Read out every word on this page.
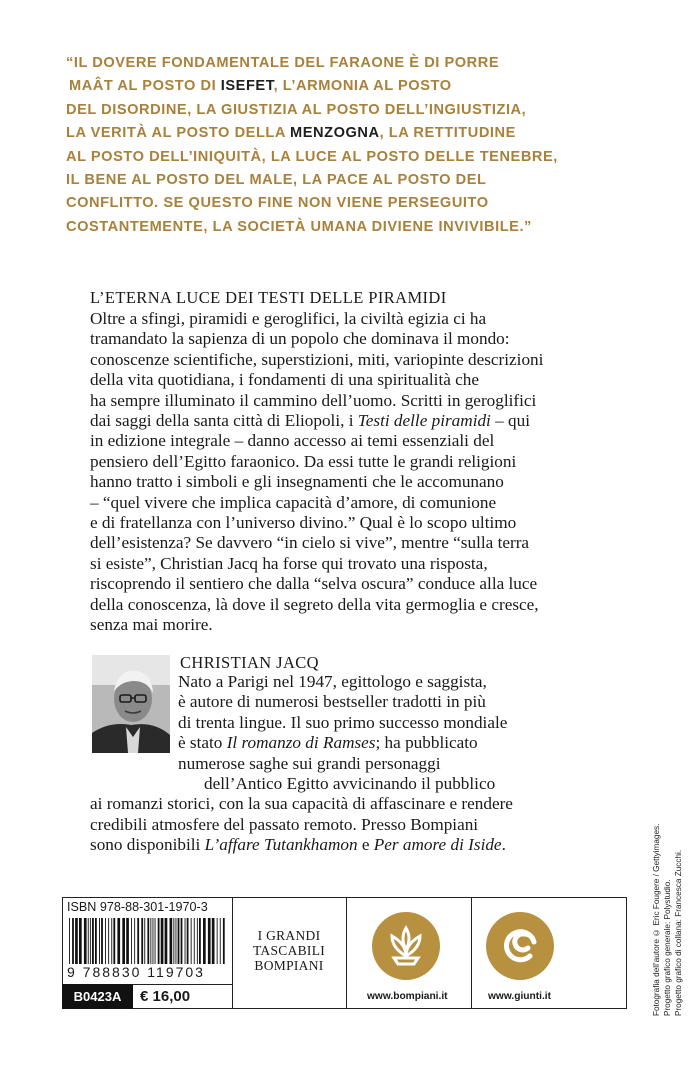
“IL DOVERE FONDAMENTALE DEL FARAONE È DI PORRE
MAÂT AL POSTO DI ISEFET, L’ARMONIA AL POSTO
DEL DISORDINE, LA GIUSTIZIA AL POSTO DELL’INGIUSTIZIA,
LA VERITÀ AL POSTO DELLA MENZOGNA, LA RETTITUDINE
AL POSTO DELL’INIQUITÀ, LA LUCE AL POSTO DELLE TENEBRE,
IL BENE AL POSTO DEL MALE, LA PACE AL POSTO DEL
CONFLITTO. SE QUESTO FINE NON VIENE PERSEGUITO
COSTANTEMENTE, LA SOCIETÀ UMANA DIVIENE INVIVIBILE.”
L’ETERNA LUCE DEI TESTI DELLE PIRAMIDI
Oltre a sfingi, piramidi e geroglifici, la civiltà egizia ci ha
tramandato la sapienza di un popolo che dominava il mondo:
conoscenze scientifiche, superstizioni, miti, variopinte descrizioni
della vita quotidiana, i fondamenti di una spiritualità che
ha sempre illuminato il cammino dell’uomo. Scritti in geroglifici
dai saggi della santa città di Eliopoli, i Testi delle piramidi – qui
in edizione integrale – danno accesso ai temi essenziali del
pensiero dell’Egitto faraonico. Da essi tutte le grandi religioni
hanno tratto i simboli e gli insegnamenti che le accomunano
– “quel vivere che implica capacità d’amore, di comunione
e di fratellanza con l’universo divino.” Qual è lo scopo ultimo
dell’esistenza? Se davvero “in cielo si vive”, mentre “sulla terra
si esiste”, Christian Jacq ha forse qui trovato una risposta,
riscoprendo il sentiero che dalla “selva oscura” conduce alla luce
della conoscenza, là dove il segreto della vita germoglia e cresce,
senza mai morire.
CHRISTIAN JACQ
Nato a Parigi nel 1947, egittologo e saggista,
è autore di numerosi bestseller tradotti in più
di trenta lingue. Il suo primo successo mondiale
è stato Il romanzo di Ramses; ha pubblicato
numerose saghe sui grandi personaggi
dell’Antico Egitto avvicinando il pubblico
ai romanzi storici, con la sua capacità di affascinare e rendere
credibili atmosfere del passato remoto. Presso Bompiani
sono disponibili L’affare Tutankhamon e Per amore di Iside.	Fotografia dell’autore © Eric Fougere / Gettyimages. Progetto grafico generale: Polystudio. Progetto grafico di collana: Francesca Zucchi.
ISBN 978-88-301-1970-3
9 788830 119703
B0423A	€ 16,00
I GRANDI
TASCABILI
BOMPIANI
www.bompiani.it	www.giunti.it
